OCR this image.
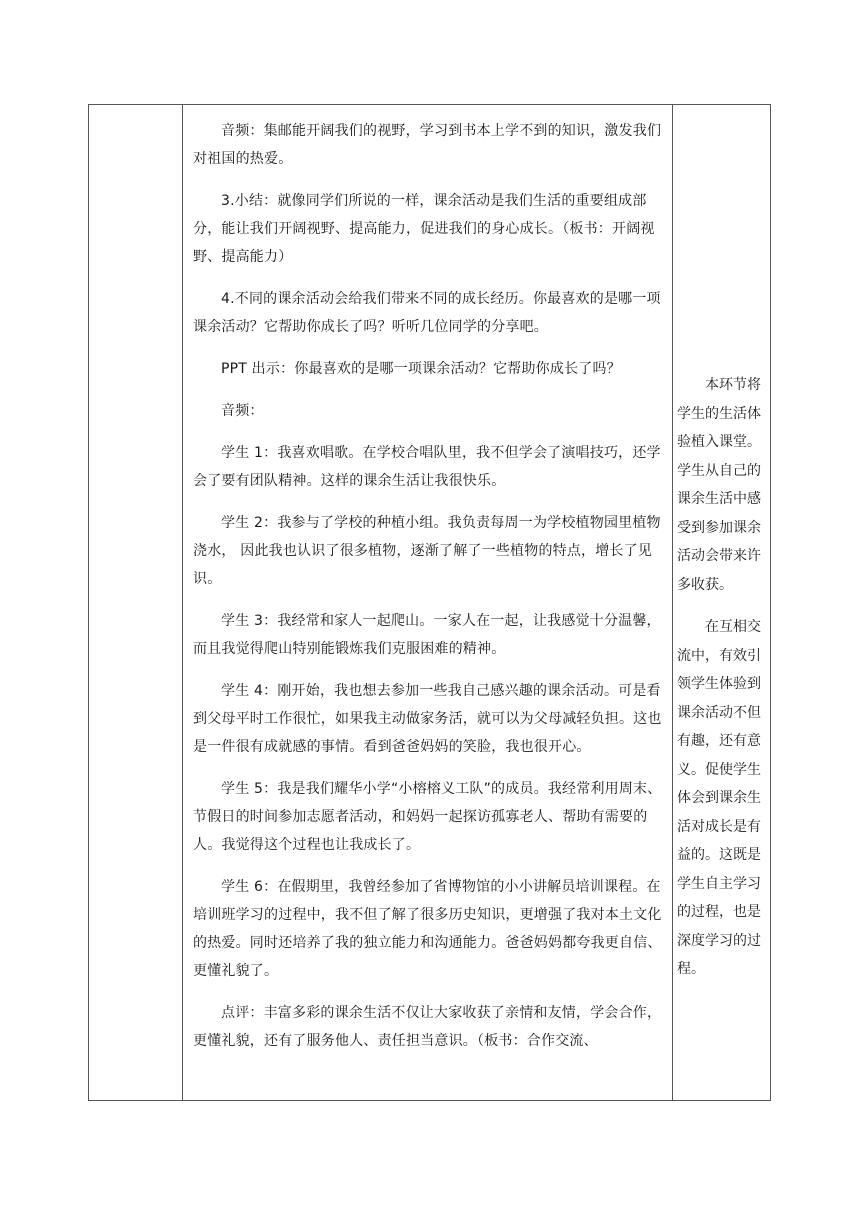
音频：集邮能开阔我们的视野，学习到书本上学不到的知识，激发我们对祖国的热爱。

3.小结：就像同学们所说的一样，课余活动是我们生活的重要组成部分，能让我们开阔视野、提高能力，促进我们的身心成长。（板书：开阔视野、提高能力）

4.不同的课余活动会给我们带来不同的成长经历。你最喜欢的是哪一项课余活动？它帮助你成长了吗？听听几位同学的分享吧。

PPT 出示：你最喜欢的是哪一项课余活动？它帮助你成长了吗？

音频：

学生 1：我喜欢唱歌。在学校合唱队里，我不但学会了演唱技巧，还学会了要有团队精神。这样的课余生活让我很快乐。

学生 2：我参与了学校的种植小组。我负责每周一为学校植物园里植物浇水， 因此我也认识了很多植物，逐渐了解了一些植物的特点，增长了见识。

学生 3：我经常和家人一起爬山。一家人在一起，让我感觉十分温馨，而且我觉得爬山特别能锻炼我们克服困难的精神。

学生 4：刚开始，我也想去参加一些我自己感兴趣的课余活动。可是看到父母平时工作很忙，如果我主动做家务活，就可以为父母减轻负担。这也是一件很有成就感的事情。看到爸爸妈妈的笑脸，我也很开心。

学生 5：我是我们耀华小学“小榕榕义工队”的成员。我经常利用周末、节假日的时间参加志愿者活动，和妈妈一起探访孤寡老人、帮助有需要的人。我觉得这个过程也让我成长了。

学生 6：在假期里，我曾经参加了省博物馆的小小讲解员培训课程。在培训班学习的过程中，我不但了解了很多历史知识，更增强了我对本土文化的热爱。同时还培养了我的独立能力和沟通能力。爸爸妈妈都夸我更自信、更懂礼貌了。

点评：丰富多彩的课余生活不仅让大家收获了亲情和友情，学会合作，更懂礼貌，还有了服务他人、责任担当意识。（板书：合作交流、

本环节将学生的生活体验植入课堂。学生从自己的课余生活中感受到参加课余活动会带来许多收获。

在互相交流中，有效引领学生体验到课余活动不但有趣，还有意义。促使学生体会到课余生活对成长是有益的。这既是学生自主学习的过程，也是深度学习的过程。
